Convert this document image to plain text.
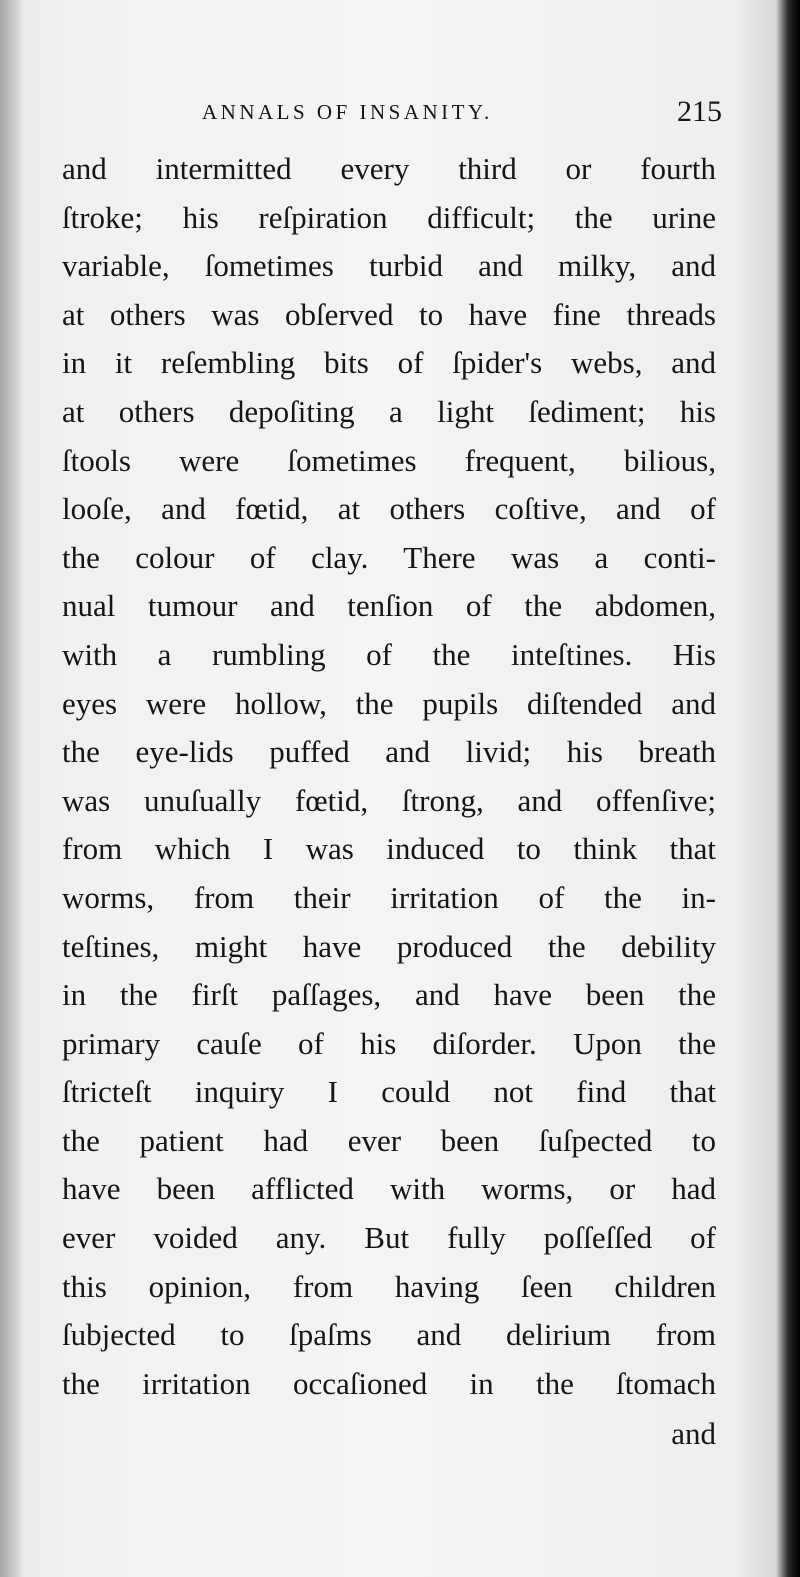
ANNALS OF INSANITY.	215
and intermitted every third or fourth
ſtroke; his reſpiration difficult; the urine
variable, ſometimes turbid and milky, and
at others was obſerved to have fine threads
in it reſembling bits of ſpider's webs, and
at others depoſiting a light ſediment; his
ſtools were ſometimes frequent, bilious,
looſe, and fœtid, at others coſtive, and of
the colour of clay. There was a conti-
nual tumour and tenſion of the abdomen,
with a rumbling of the inteſtines. His
eyes were hollow, the pupils diſtended and
the eye-lids puffed and livid; his breath
was unuſually fœtid, ſtrong, and offenſive;
from which I was induced to think that
worms, from their irritation of the in-
teſtines, might have produced the debility
in the firſt paſſages, and have been the
primary cauſe of his diſorder. Upon the
ſtricteſt inquiry I could not find that
the patient had ever been ſuſpected to
have been afflicted with worms, or had
ever voided any. But fully poſſeſſed of
this opinion, from having ſeen children
ſubjected to ſpaſms and delirium from
the irritation occaſioned in the ſtomach
and
